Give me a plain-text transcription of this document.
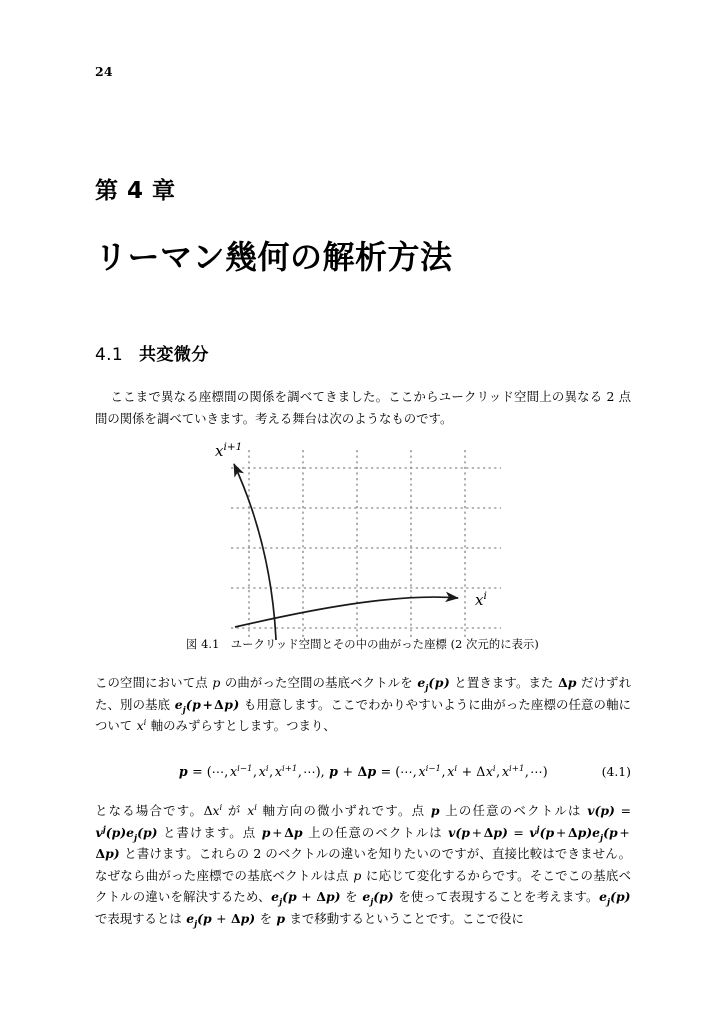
24
第 4 章
リーマン幾何の解析方法
4.1 共変微分

ここまで異なる座標間の関係を調べてきました。ここからユークリッド空間上の異なる 2 点間の関係を調べていきます。考える舞台は次のようなものです。

$x^{i+1}$
$x^i$
図 4.1　ユークリッド空間とその中の曲がった座標 (2 次元的に表示)

この空間において点 p の曲がった空間の基底ベクトルを $e_j(p)$ と置きます。また Δp だけずれた、別の基底 $e_j(p$ + Δp) も用意します。ここでわかりやすいように曲がった座標の任意の軸について $x^i$ 軸のみずらすとします。つまり、

p = (⋯,  $x^{i-1}$,  $x^i$,  $x^{i+1}$, ⋯), p + Δp = (⋯,  $x^{i-1}$,  $x^i + \Delta x^i$,  $x^{i+1}$, ⋯)	(4.1)

となる場合です。$\Delta x^i$ が $x^i$ 軸方向の微小ずれです。点 p 上の任意のベクトルは $v(p) = v^j(p)e_j(p)$ と書けます。点 p  +  Δp 上の任意のベクトルは v(p  +  $\Delta p) = v^j(p$  +  $\Delta p)e_j(p$  + Δp) と書けます。これらの 2 のベクトルの違いを知りたいのですが、直接比較はできません。なぜなら曲がった座標での基底ベクトルは点 p に応じて変化するからです。そこでこの基底ベクトルの違いを解決するため、$e_j(p + \Delta p)$ を $e_j(p)$ を使って表現することを考えます。$e_j(p)$ で表現するとは $e_j(p + \Delta p)$ を p まで移動するということです。ここで役に
